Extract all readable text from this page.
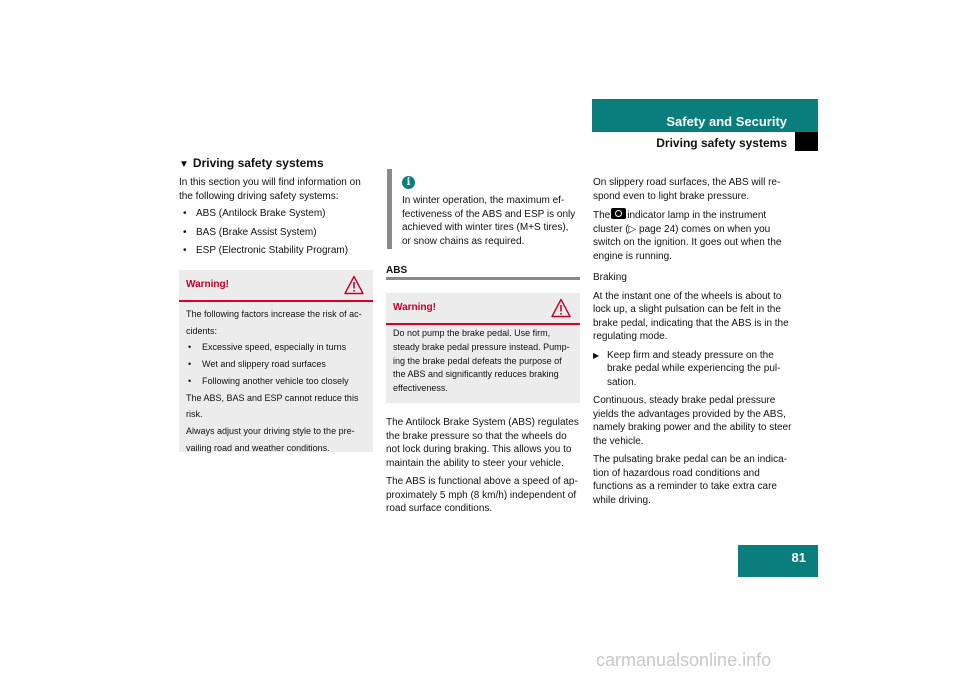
Safety and Security
Driving safety systems
▼ Driving safety systems

In this section you will find information on the following driving safety systems:

• ABS (Antilock Brake System)
• BAS (Brake Assist System)
• ESP (Electronic Stability Program)
Warning!

The following factors increase the risk of ac-cidents:

• Excessive speed, especially in turns
• Wet and slippery road surfaces
• Following another vehicle too closely

The ABS, BAS and ESP cannot reduce this risk.

Always adjust your driving style to the pre-vailing road and weather conditions.

i

In winter operation, the maximum ef-fectiveness of the ABS and ESP is only achieved with winter tires (M+S tires), or snow chains as required.

ABS
Warning!

Do not pump the brake pedal. Use firm, steady brake pedal pressure instead. Pump-ing the brake pedal defeats the purpose of the ABS and significantly reduces braking effectiveness.

The Antilock Brake System (ABS) regulates the brake pressure so that the wheels do not lock during braking. This allows you to maintain the ability to steer your vehicle.

The ABS is functional above a speed of ap-proximately 5 mph (8 km/h) independent of road surface conditions.

On slippery road surfaces, the ABS will re-spond even to light brake pressure.

The indicator lamp in the instrument cluster (▷ page 24) comes on when you switch on the ignition. It goes out when the engine is running.

Braking

At the instant one of the wheels is about to lock up, a slight pulsation can be felt in the brake pedal, indicating that the ABS is in the regulating mode.

▶ Keep firm and steady pressure on the brake pedal while experiencing the pul-sation.

Continuous, steady brake pedal pressure yields the advantages provided by the ABS, namely braking power and the ability to steer the vehicle.

The pulsating brake pedal can be an indica-tion of hazardous road conditions and functions as a reminder to take extra care while driving.

81
carmanualsonline.info
